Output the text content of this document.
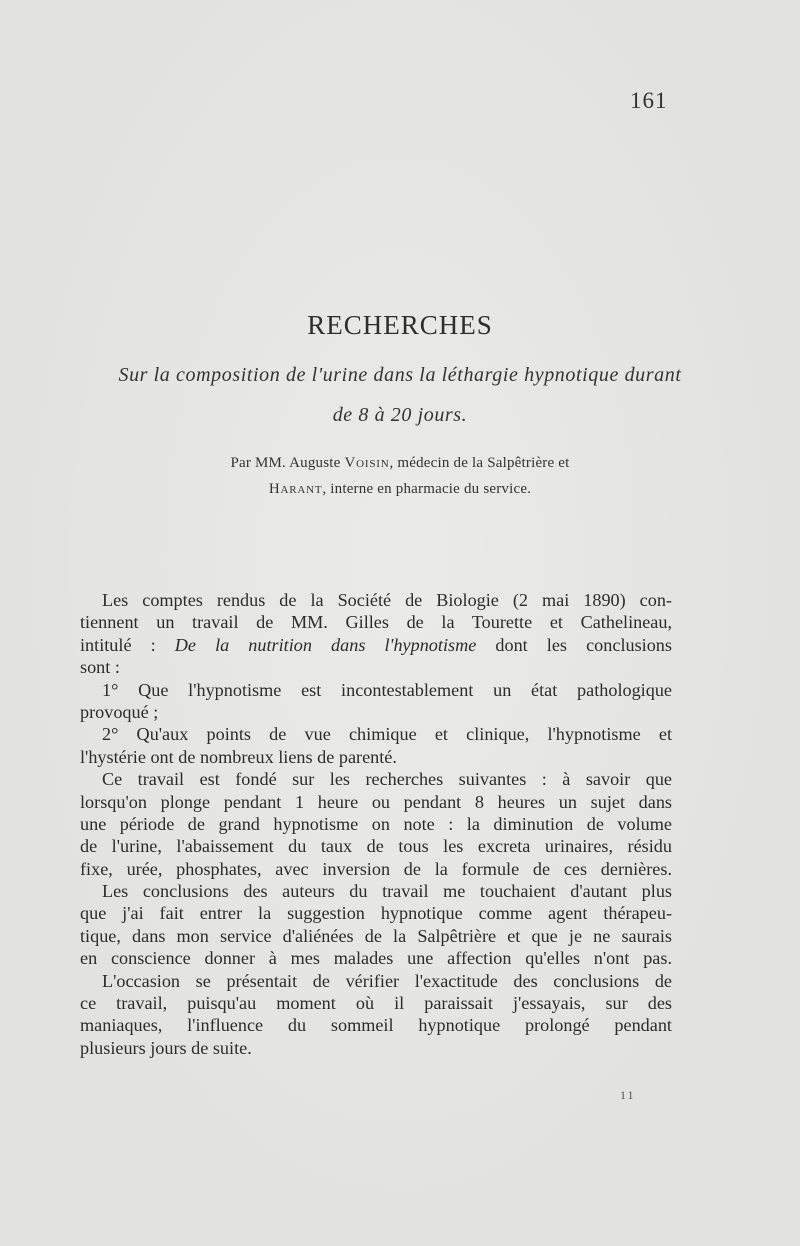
161
RECHERCHES
Sur la composition de l'urine dans la léthargie hypnotique durant
de 8 à 20 jours.
Par MM. Auguste Voisin, médecin de la Salpêtrière et
Harant, interne en pharmacie du service.
Les comptes rendus de la Société de Biologie (2 mai 1890) con-
tiennent un travail de MM. Gilles de la Tourette et Cathelineau,
intitulé : De la nutrition dans l'hypnotisme dont les conclusions
sont :
1° Que l'hypnotisme est incontestablement un état pathologique
provoqué ;
2° Qu'aux points de vue chimique et clinique, l'hypnotisme et
l'hystérie ont de nombreux liens de parenté.
Ce travail est fondé sur les recherches suivantes : à savoir que
lorsqu'on plonge pendant 1 heure ou pendant 8 heures un sujet dans
une période de grand hypnotisme on note : la diminution de volume
de l'urine, l'abaissement du taux de tous les excreta urinaires, résidu
fixe, urée, phosphates, avec inversion de la formule de ces dernières.
Les conclusions des auteurs du travail me touchaient d'autant plus
que j'ai fait entrer la suggestion hypnotique comme agent thérapeu-
tique, dans mon service d'aliénées de la Salpêtrière et que je ne saurais
en conscience donner à mes malades une affection qu'elles n'ont pas.
L'occasion se présentait de vérifier l'exactitude des conclusions de
ce travail, puisqu'au moment où il paraissait j'essayais, sur des
maniaques, l'influence du sommeil hypnotique prolongé pendant
plusieurs jours de suite.
11
